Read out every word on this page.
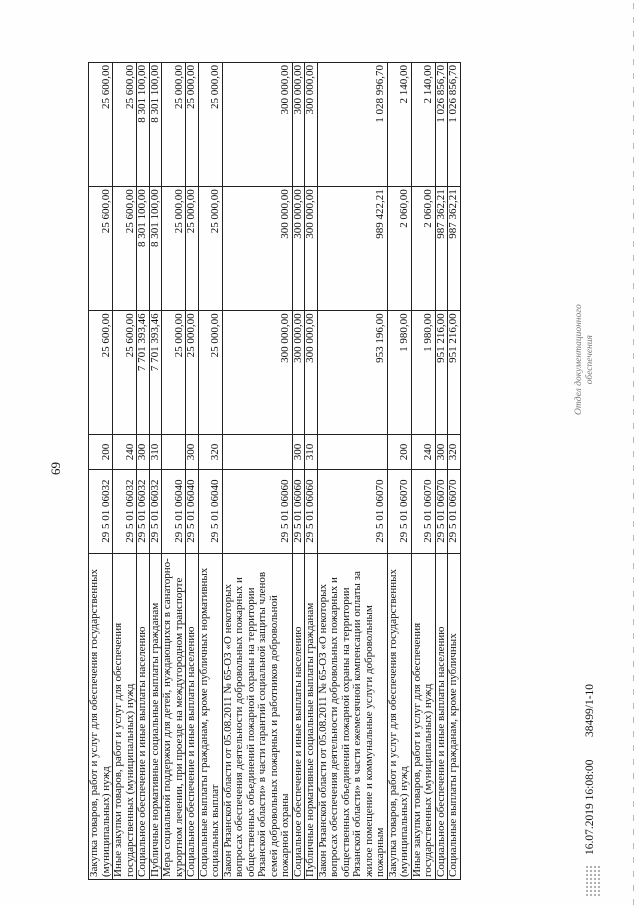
69
Закупка товаров, работ и услуг для обеспечения государственных (муниципальных) нужд	29 5 01 06032	200	25 600,00	25 600,00	25 600,00
Иные закупки товаров, работ и услуг для обеспечения государственных (муниципальных) нужд	29 5 01 06032	240	25 600,00	25 600,00	25 600,00
Социальное обеспечение и иные выплаты населению	29 5 01 06032	300	7 701 393,46	8 301 100,00	8 301 100,00
Публичные нормативные социальные выплаты гражданам	29 5 01 06032	310	7 701 393,46	8 301 100,00	8 301 100,00
Мера социальной поддержки для детей, нуждающихся в санаторно-курортном лечении, при проезде на междугородном транспорте	29 5 01 06040		25 000,00	25 000,00	25 000,00
Социальное обеспечение и иные выплаты населению	29 5 01 06040	300	25 000,00	25 000,00	25 000,00
Социальные выплаты гражданам, кроме публичных нормативных социальных выплат	29 5 01 06040	320	25 000,00	25 000,00	25 000,00
Закон Рязанской области от 05.08.2011 № 65-ОЗ «О некоторых вопросах обеспечения деятельности добровольных пожарных и общественных объединений пожарной охраны на территории Рязанской области» в части гарантий социальной защиты членов семей добровольных пожарных и работников добровольной пожарной охраны	29 5 01 06060		300 000,00	300 000,00	300 000,00
Социальное обеспечение и иные выплаты населению	29 5 01 06060	300	300 000,00	300 000,00	300 000,00
Публичные нормативные социальные выплаты гражданам	29 5 01 06060	310	300 000,00	300 000,00	300 000,00
Закон Рязанской области от 05.08.2011 № 65-ОЗ «О некоторых вопросах обеспечения деятельности добровольных пожарных и общественных объединений пожарной охраны на территории Рязанской области» в части ежемесячной компенсации оплаты за жилое помещение и коммунальные услуги добровольным пожарным	29 5 01 06070		953 196,00	989 422,21	1 028 996,70
Закупка товаров, работ и услуг для обеспечения государственных (муниципальных) нужд	29 5 01 06070	200	1 980,00	2 060,00	2 140,00
Иные закупки товаров, работ и услуг для обеспечения государственных (муниципальных) нужд	29 5 01 06070	240	1 980,00	2 060,00	2 140,00
Социальное обеспечение и иные выплаты населению	29 5 01 06070	300	951 216,00	987 362,21	1 026 856,70
Социальные выплаты гражданам, кроме публичных	29 5 01 06070	320	951 216,00	987 362,21	1 026 856,70
16.07.2019 16:08:00
38499/1-10
Отдел документационного обеспечения
